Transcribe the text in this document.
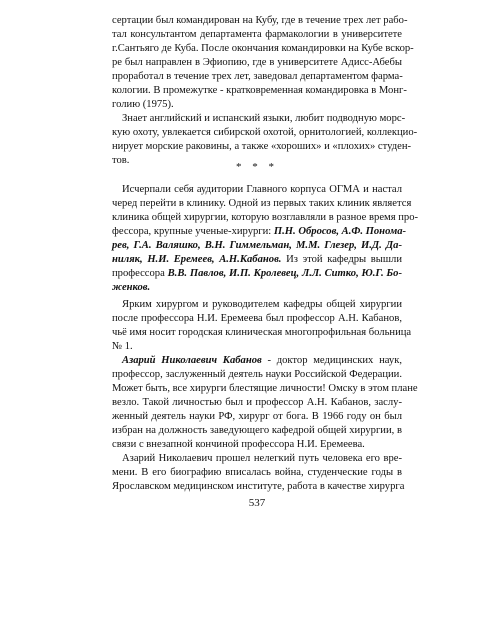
сертации был командирован на Кубу, где в течение трех лет рабо-
тал консультантом департамента фармакологии в университете
г.Сантьяго де Куба. После окончания командировки на Кубе вскор-
ре был направлен в Эфиопию, где в университете Адисс-Абебы
проработал в течение трех лет, заведовал департаментом фарма-
кологии. В промежутке - кратковременная командировка в Монг-
голию (1975).
Знает английский и испанский языки, любит подводную морс-
кую охоту, увлекается сибирской охотой, орнитологией, коллекцио-
нирует морские раковины, а также «хороших» и «плохих» студен-
тов.
* * *
Исчерпали себя аудитории Главного корпуса ОГМА и настал
черед перейти в клинику. Одной из первых таких клиник является
клиника общей хирургии, которую возглавляли в разное время про-
фессора, крупные ученые-хирурги: П.Н. Обросов, А.Ф. Понома-
рев, Г.А. Валяшко, В.Н. Гиммельман, М.М. Глезер, И.Д. Да-
ниляк, Н.И. Еремеев, А.Н.Кабанов. Из этой кафедры вышли
профессора В.В. Павлов, И.П. Кролевец, Л.Л. Ситко, Ю.Г. Бо-
женков.
Ярким хирургом и руководителем кафедры общей хирургии
после профессора Н.И. Еремеева был профессор А.Н. Кабанов,
чьё имя носит городская клиническая многопрофильная больница
№ 1.
Азарий Николаевич Кабанов - доктор медицинских наук,
профессор, заслуженный деятель науки Российской Федерации.
Может быть, все хирурги блестящие личности! Омску в этом плане
везло. Такой личностью был и профессор А.Н. Кабанов, заслу-
женный деятель науки РФ, хирург от бога. В 1966 году он был
избран на должность заведующего кафедрой общей хирургии, в
связи с внезапной кончиной профессора Н.И. Еремеева.
Азарий Николаевич прошел нелегкий путь человека его вре-
мени. В его биографию вписалась война, студенческие годы в
Ярославском медицинском институте, работа в качестве хирурга
537
